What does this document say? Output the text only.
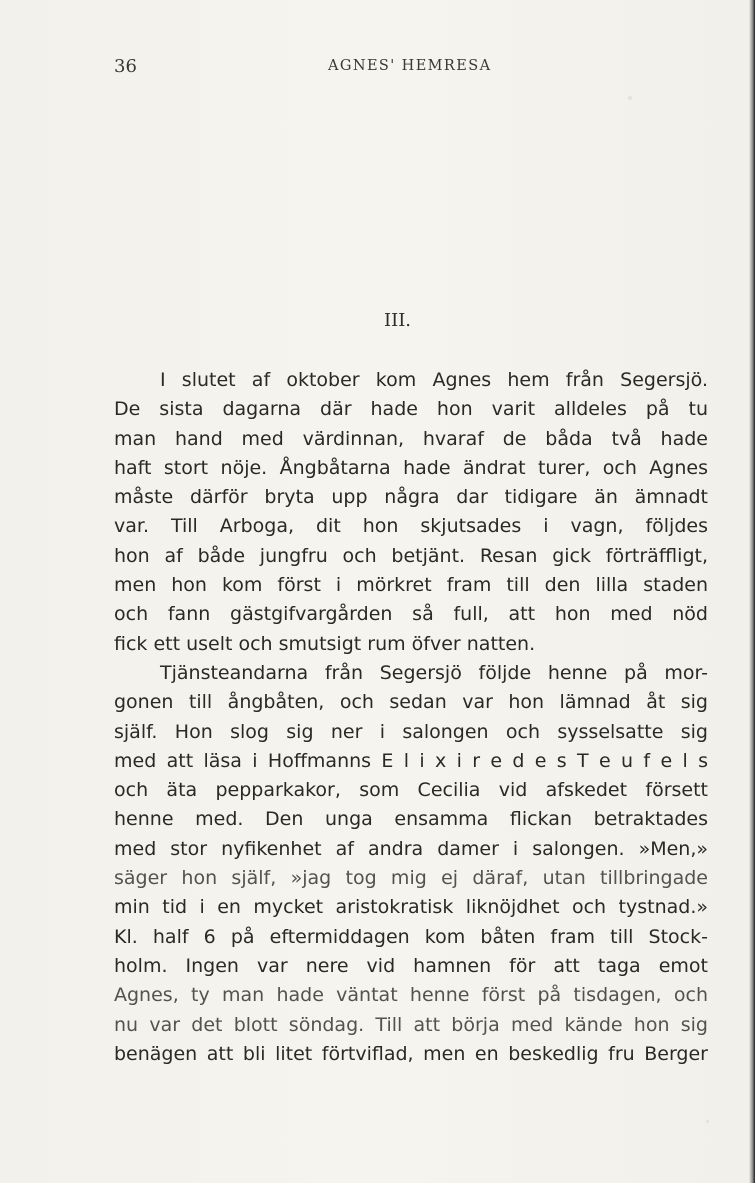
36	AGNES' HEMRESA
III.
I slutet af oktober kom Agnes hem från Segersjö.
De sista dagarna där hade hon varit alldeles på tu
man hand med värdinnan, hvaraf de båda två hade
haft stort nöje. Ångbåtarna hade ändrat turer, och Agnes
måste därför bryta upp några dar tidigare än ämnadt
var. Till Arboga, dit hon skjutsades i vagn, följdes
hon af både jungfru och betjänt. Resan gick förträffligt,
men hon kom först i mörkret fram till den lilla staden
och fann gästgifvargården så full, att hon med nöd
fick ett uselt och smutsigt rum öfver natten.
Tjänsteandarna från Segersjö följde henne på mor-
gonen till ångbåten, och sedan var hon lämnad åt sig
själf. Hon slog sig ner i salongen och sysselsatte sig
med att läsa i Hoffmanns E l i x i r e d e s T e u f e l s
och äta pepparkakor, som Cecilia vid afskedet försett
henne med. Den unga ensamma flickan betraktades
med stor nyfikenhet af andra damer i salongen. »Men,»
säger hon själf, »jag tog mig ej däraf, utan tillbringade
min tid i en mycket aristokratisk liknöjdhet och tystnad.»
Kl. half 6 på eftermiddagen kom båten fram till Stock-
holm. Ingen var nere vid hamnen för att taga emot
Agnes, ty man hade väntat henne först på tisdagen, och
nu var det blott söndag. Till att börja med kände hon sig
benägen att bli litet förtviflad, men en beskedlig fru Berger
